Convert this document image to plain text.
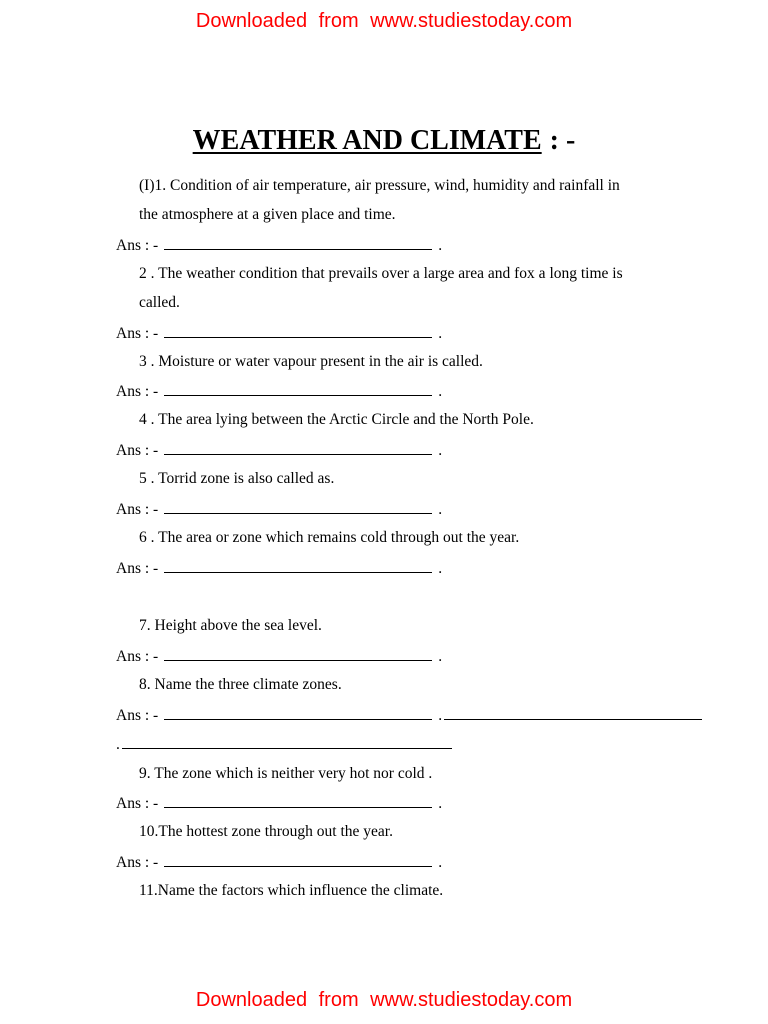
Downloaded from www.studiestoday.com
WEATHER AND CLIMATE : -
(I)1. Condition of air temperature, air pressure, wind, humidity and rainfall in
the atmosphere at a given place and time.
Ans : -	.
2 . The weather condition that prevails over a large area and fox a long time is
called.
Ans : -	.
3 . Moisture or water vapour present in the air is called.
Ans : -	.
4 . The area lying between the Arctic Circle and the North Pole.
Ans : -	.
5 . Torrid zone is also called as.
Ans : -	.
6 . The area or zone which remains cold through out the year.
Ans : -	.
7. Height above the sea level.
Ans : -	.
8. Name the three climate zones.
Ans : -	.
.
9. The zone which is neither very hot nor cold .
Ans : -	.
10.The hottest zone through out the year.
Ans : -	.
11.Name the factors which influence the climate.
Downloaded from www.studiestoday.com
